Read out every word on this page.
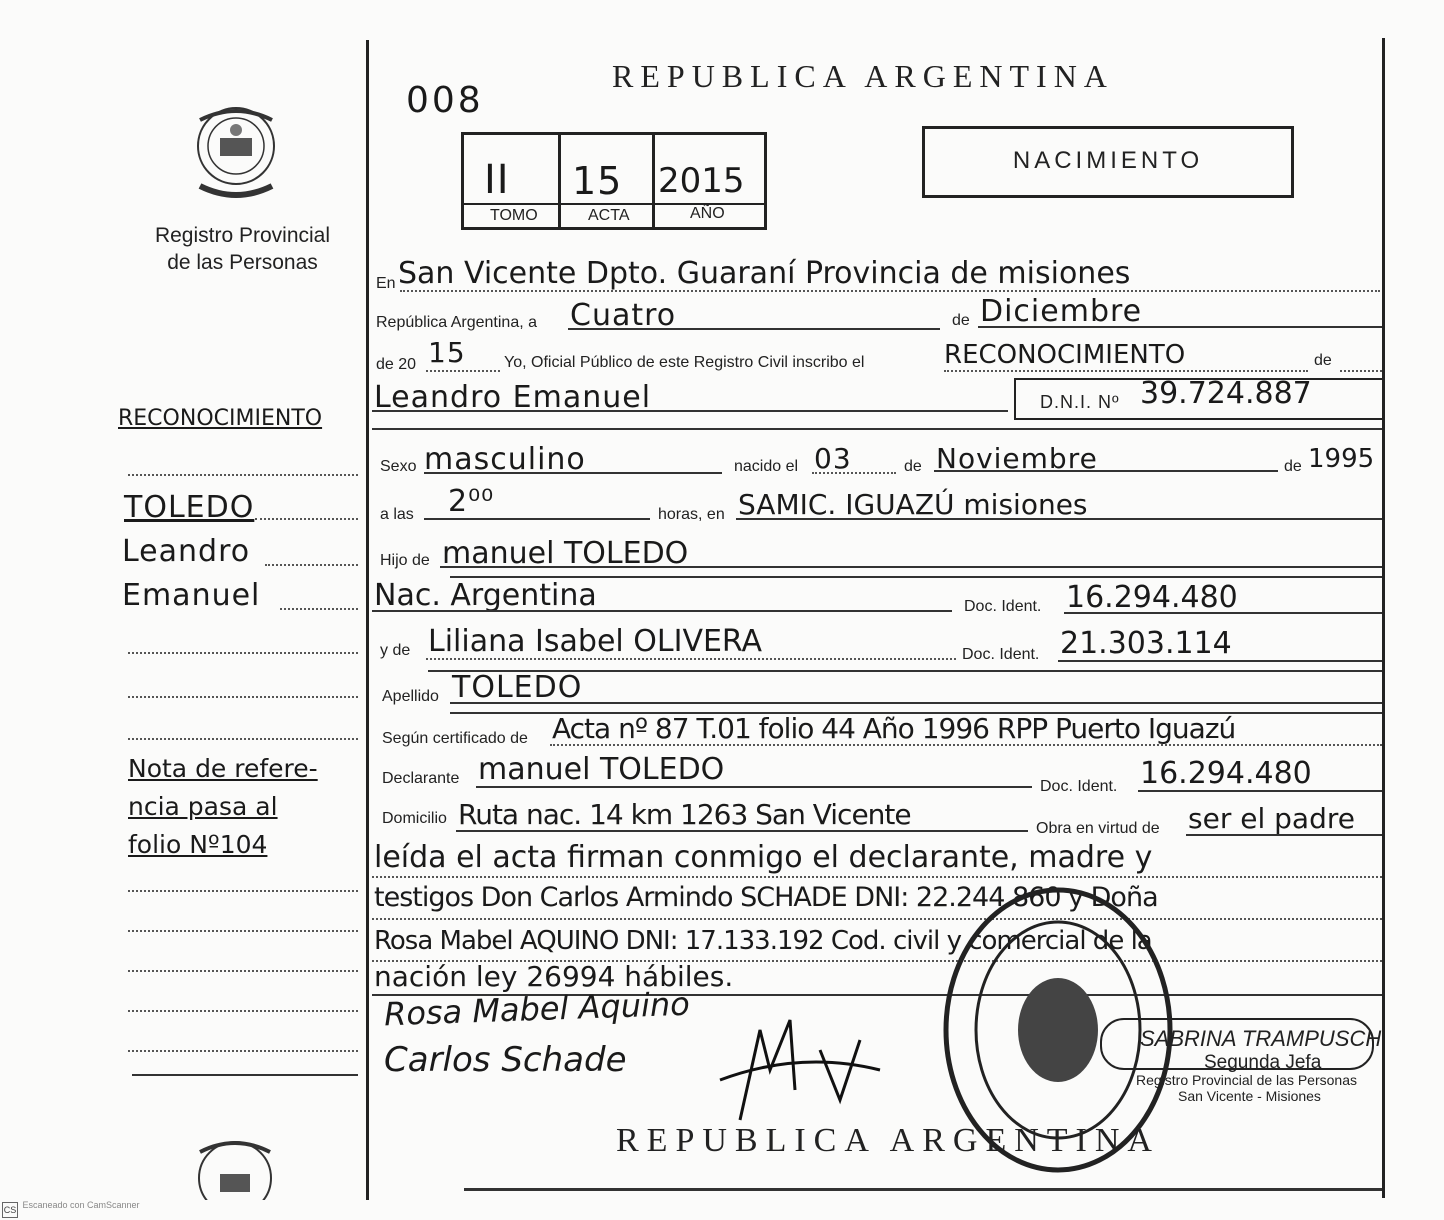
Registro Provincial
de las Personas
RECONOCIMIENTO
TOLEDO
Leandro
Emanuel
Nota de refere-
ncia pasa al
folio Nº104
008
REPUBLICA ARGENTINA
II
TOMO
15
ACTA
2015
AÑO
NACIMIENTO
En San Vicente Dpto. Guaraní Provincia de misiones
República Argentina, a Cuatro	de Diciembre
de 20 15 Yo, Oficial Público de este Registro Civil inscribo el	RECONOCIMIENTO	de
Leandro Emanuel	D.N.I. Nº 39.724.887
Sexo masculino	nacido el 03	de Noviembre	de 1995
a las 2⁰⁰	horas, en SAMIC. IGUAZÚ misiones
Hijo de manuel TOLEDO
Nac. Argentina	Doc. Ident. 16.294.480
y de Liliana Isabel OLIVERA	Doc. Ident. 21.303.114
Apellido TOLEDO
Según certificado de Acta nº 87 T.01 folio 44 Año 1996 RPP Puerto Iguazú
Declarante manuel TOLEDO	Doc. Ident. 16.294.480
Domicilio Ruta nac. 14 km 1263 San Vicente	Obra en virtud de ser el padre
leída el acta firman conmigo el declarante, madre y
testigos Don Carlos Armindo SCHADE DNI: 22.244.860 y Doña
Rosa Mabel AQUINO DNI: 17.133.192 Cod. civil y comercial de la
nación ley 26994 hábiles.
Rosa Mabel Aquino
Carlos Schade
SABRINA TRAMPUSCH
Segunda Jefa
Registro Provincial de las Personas
San Vicente - Misiones
REPUBLICA ARGENTINA
CS $^{Escaneado con CamScanner}$
